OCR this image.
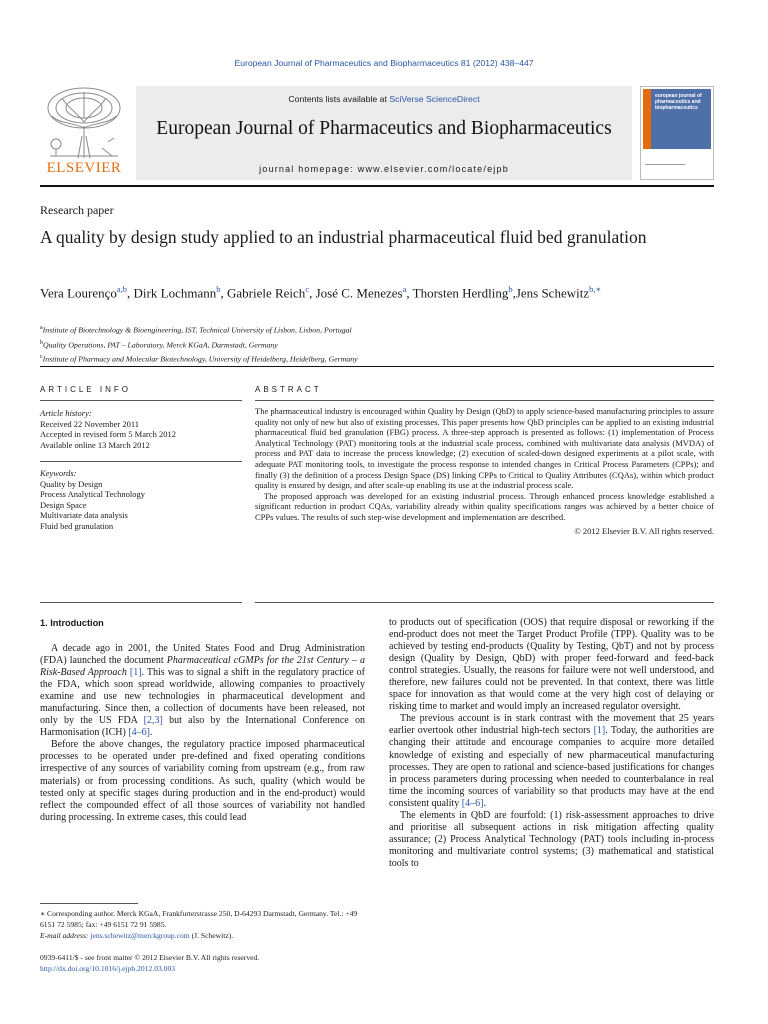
European Journal of Pharmaceutics and Biopharmaceutics 81 (2012) 438–447
ELSEVIER
Contents lists available at SciVerse ScienceDirect
European Journal of Pharmaceutics and Biopharmaceutics
journal homepage: www.elsevier.com/locate/ejpb
european journal of pharmaceutics and biopharmaceutics
Research paper
A quality by design study applied to an industrial pharmaceutical fluid bed granulation
Vera Lourenço$^{a,b}$, Dirk Lochmann$^b$, Gabriele Reich$^c$, José C. Menezes$^a$, Thorsten Herdling$^b$,Jens Schewitz$^{b,∗}$
$^a$Institute of Biotechnology & Bioengineering, IST, Technical University of Lisbon, Lisbon, Portugal
$^b$Quality Operations, PAT – Laboratory, Merck KGaA, Darmstadt, Germany
$^c$Institute of Pharmacy and Molecular Biotechnology, University of Heidelberg, Heidelberg, Germany
ARTICLE INFO	ABSTRACT
Article history:
Received 22 November 2011
Accepted in revised form 5 March 2012
Available online 13 March 2012
Keywords:
Quality by Design
Process Analytical Technology
Design Space
Multivariate data analysis
Fluid bed granulation

The pharmaceutical industry is encouraged within Quality by Design (QbD) to apply science-based manufacturing principles to assure quality not only of new but also of existing processes. This paper presents how QbD principles can be applied to an existing industrial pharmaceutical fluid bed granulation (FBG) process. A three-step approach is presented as follows: (1) implementation of Process Analytical Technology (PAT) monitoring tools at the industrial scale process, combined with multivariate data analysis (MVDA) of process and PAT data to increase the process knowledge; (2) execution of scaled-down designed experiments at a pilot scale, with adequate PAT monitoring tools, to investigate the process response to intended changes in Critical Process Parameters (CPPs); and finally (3) the definition of a process Design Space (DS) linking CPPs to Critical to Quality Attributes (CQAs), within which product quality is ensured by design, and after scale-up enabling its use at the industrial process scale.

The proposed approach was developed for an existing industrial process. Through enhanced process knowledge established a significant reduction in product CQAs, variability already within quality specifications ranges was achieved by a better choice of CPPs values. The results of such step-wise development and implementation are described.

© 2012 Elsevier B.V. All rights reserved.
1. Introduction

A decade ago in 2001, the United States Food and Drug Administration (FDA) launched the document Pharmaceutical cGMPs for the 21st Century – a Risk-Based Approach [1]. This was to signal a shift in the regulatory practice of the FDA, which soon spread worldwide, allowing companies to proactively examine and use new technologies in pharmaceutical development and manufacturing. Since then, a collection of documents have been released, not only by the US FDA [2,3] but also by the International Conference on Harmonisation (ICH) [4–6].

Before the above changes, the regulatory practice imposed pharmaceutical processes to be operated under pre-defined and fixed operating conditions irrespective of any sources of variability coming from upstream (e.g., from raw materials) or from processing conditions. As such, quality (which would be tested only at specific stages during production and in the end-product) would reflect the compounded effect of all those sources of variability not handled during processing. In extreme cases, this could lead

to products out of specification (OOS) that require disposal or reworking if the end-product does not meet the Target Product Profile (TPP). Quality was to be achieved by testing end-products (Quality by Testing, QbT) and not by process design (Quality by Design, QbD) with proper feed-forward and feed-back control strategies. Usually, the reasons for failure were not well understood, and therefore, new failures could not be prevented. In that context, there was little space for innovation as that would come at the very high cost of delaying or risking time to market and would imply an increased regulator oversight.

The previous account is in stark contrast with the movement that 25 years earlier overtook other industrial high-tech sectors [1]. Today, the authorities are changing their attitude and encourage companies to acquire more detailed knowledge of existing and especially of new pharmaceutical manufacturing processes. They are open to rational and science-based justifications for changes in process parameters during processing when needed to counterbalance in real time the incoming sources of variability so that products may have at the end consistent quality [4–6].

The elements in QbD are fourfold: (1) risk-assessment approaches to drive and prioritise all subsequent actions in risk mitigation affecting quality assurance; (2) Process Analytical Technology (PAT) tools including in-process monitoring and multivariate control systems; (3) mathematical and statistical tools to

∗ Corresponding author. Merck KGaA, Frankfurterstrasse 250, D-64293 Darmstadt, Germany. Tel.: +49 6151 72 5985; fax: +49 6151 72 91 5985.
E-mail address: jens.schewitz@merckgroup.com (J. Schewitz).
0939-6411/$ - see front matter © 2012 Elsevier B.V. All rights reserved.
http://dx.doi.org/10.1016/j.ejpb.2012.03.003
